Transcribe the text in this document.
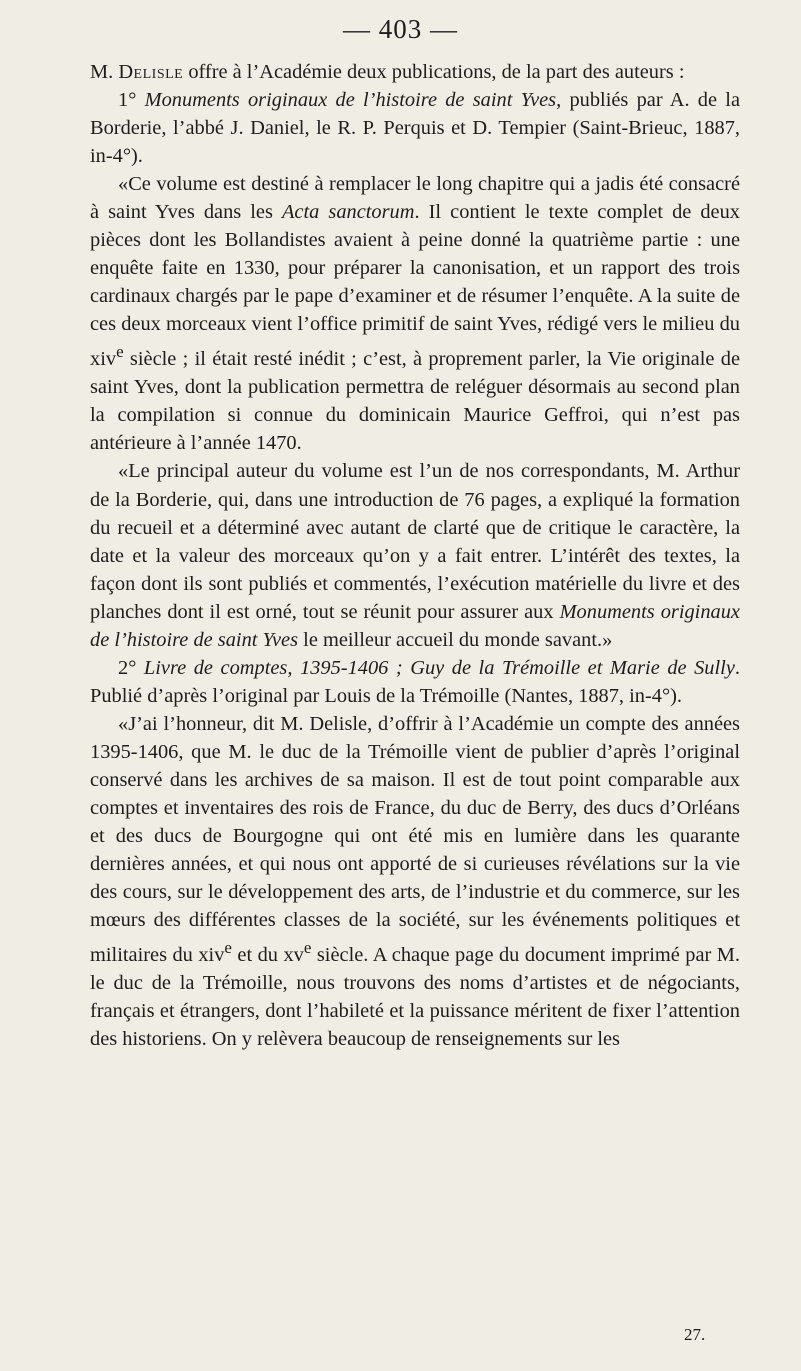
— 403 —

M. Delisle offre à l’Académie deux publications, de la part des auteurs :

1° Monuments originaux de l’histoire de saint Yves, publiés par A. de la Borderie, l’abbé J. Daniel, le R. P. Perquis et D. Tempier (Saint-Brieuc, 1887, in-4°).

«Ce volume est destiné à remplacer le long chapitre qui a jadis été consacré à saint Yves dans les Acta sanctorum. Il contient le texte complet de deux pièces dont les Bollandistes avaient à peine donné la quatrième partie : une enquête faite en 1330, pour préparer la canonisation, et un rapport des trois cardinaux chargés par le pape d’examiner et de résumer l’enquête. A la suite de ces deux morceaux vient l’office primitif de saint Yves, rédigé vers le milieu du xiv$^e$ siècle ; il était resté inédit ; c’est, à proprement parler, la Vie originale de saint Yves, dont la publication permettra de reléguer désormais au second plan la compilation si connue du dominicain Maurice Geffroi, qui n’est pas antérieure à l’année 1470.

«Le principal auteur du volume est l’un de nos correspondants, M. Arthur de la Borderie, qui, dans une introduction de 76 pages, a expliqué la formation du recueil et a déterminé avec autant de clarté que de critique le caractère, la date et la valeur des morceaux qu’on y a fait entrer. L’intérêt des textes, la façon dont ils sont publiés et commentés, l’exécution matérielle du livre et des planches dont il est orné, tout se réunit pour assurer aux Monuments originaux de l’histoire de saint Yves le meilleur accueil du monde savant.»

2° Livre de comptes, 1395-1406 ; Guy de la Trémoille et Marie de Sully. Publié d’après l’original par Louis de la Trémoille (Nantes, 1887, in-4°).

«J’ai l’honneur, dit M. Delisle, d’offrir à l’Académie un compte des années 1395-1406, que M. le duc de la Trémoille vient de publier d’après l’original conservé dans les archives de sa maison. Il est de tout point comparable aux comptes et inventaires des rois de France, du duc de Berry, des ducs d’Orléans et des ducs de Bourgogne qui ont été mis en lumière dans les quarante dernières années, et qui nous ont apporté de si curieuses révélations sur la vie des cours, sur le développement des arts, de l’industrie et du commerce, sur les mœurs des différentes classes de la société, sur les événements politiques et militaires du xiv$^e$ et du $xv^e$ siècle. A chaque page du document imprimé par M. le duc de la Trémoille, nous trouvons des noms d’artistes et de négociants, français et étrangers, dont l’habileté et la puissance méritent de fixer l’attention des historiens. On y relèvera beaucoup de renseignements sur les

27.
